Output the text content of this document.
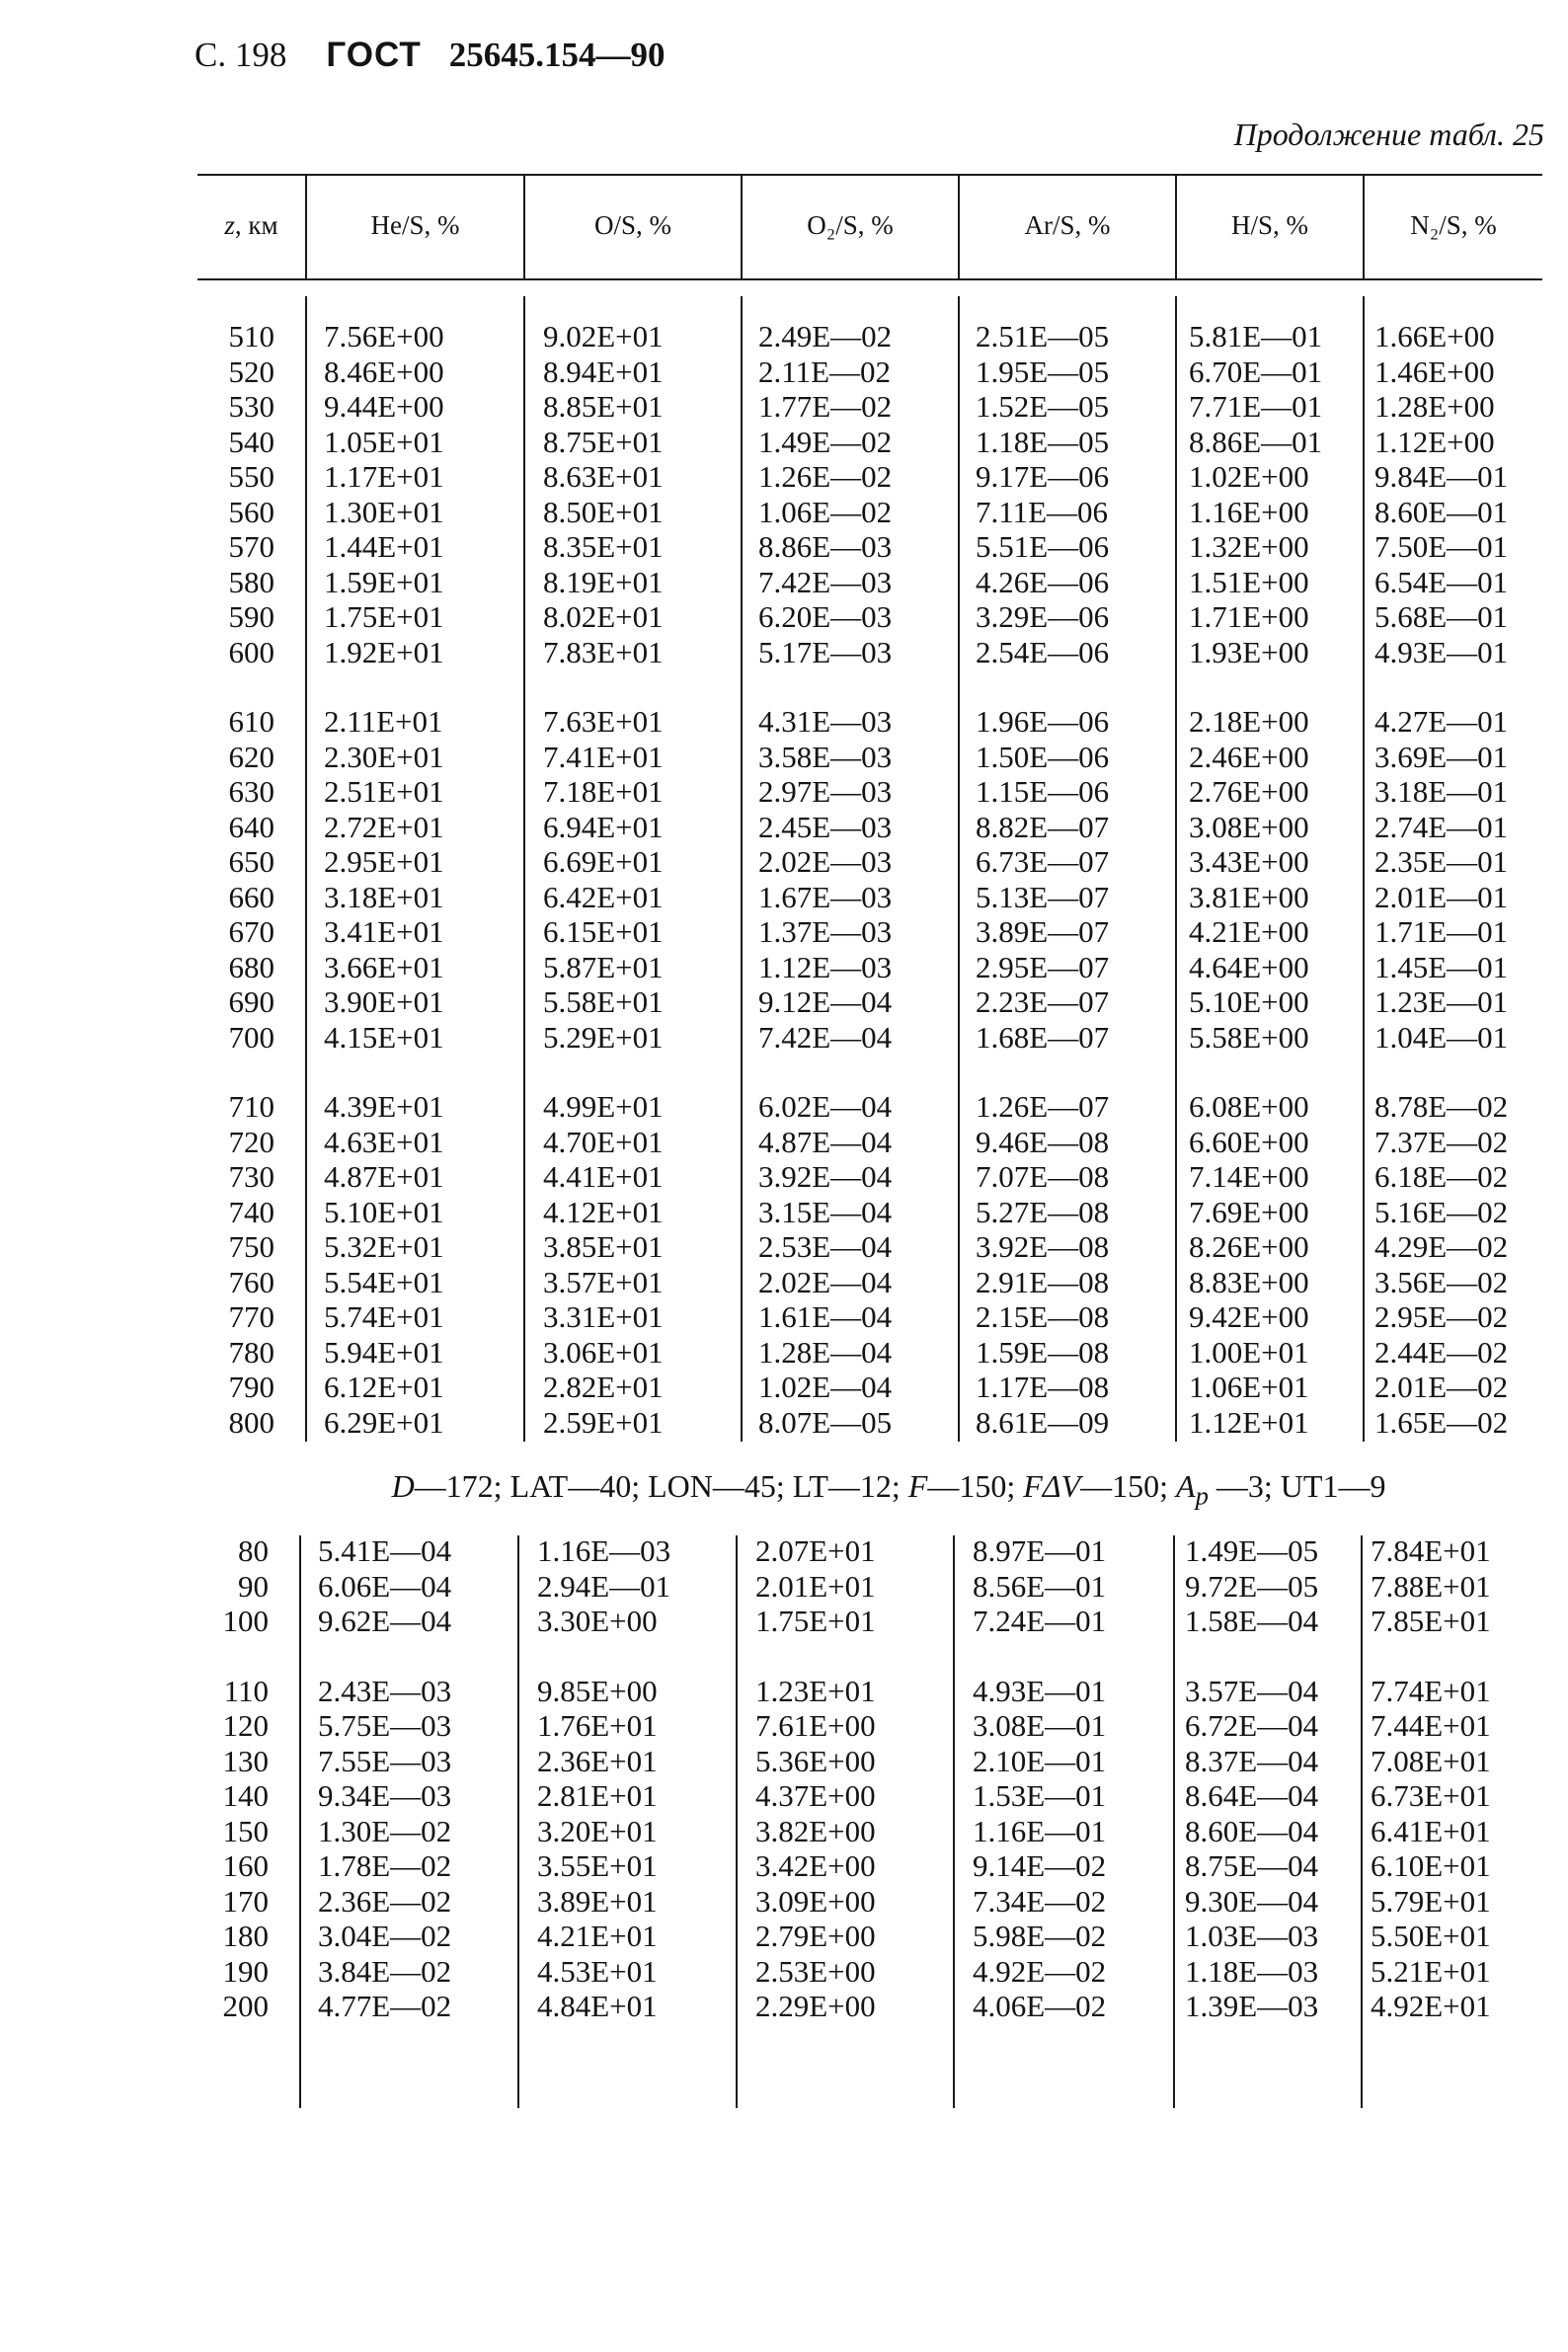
С. 198 ГОСТ 25645.154—90
Продолжение табл. 25
z , км	He/S, %	O/S, %	O₂/S, %	Ar/S, %	H/S, %	N₂/S, %
510 7.56E+00	9.02E+01	2.49E—02	2.51E—05	5.81E—01 1.66E+00
520 8.46E+00	8.94E+01	2.11E—02	1.95E—05	6.70E—01 1.46E+00
530 9.44E+00	8.85E+01	1.77E—02	1.52E—05	7.71E—01 1.28E+00
540 1.05E+01	8.75E+01	1.49E—02	1.18E—05	8.86E—01 1.12E+00
550 1.17E+01	8.63E+01	1.26E—02	9.17E—06	1.02E+00 9.84E—01
560 1.30E+01	8.50E+01	1.06E—02	7.11E—06	1.16E+00 8.60E—01
570 1.44E+01	8.35E+01	8.86E—03	5.51E—06	1.32E+00 7.50E—01
580 1.59E+01	8.19E+01	7.42E—03	4.26E—06	1.51E+00 6.54E—01
590 1.75E+01	8.02E+01	6.20E—03	3.29E—06	1.71E+00 5.68E—01
600 1.92E+01	7.83E+01	5.17E—03	2.54E—06	1.93E+00 4.93E—01
610 2.11E+01	7.63E+01	4.31E—03	1.96E—06	2.18E+00 4.27E—01
620 2.30E+01	7.41E+01	3.58E—03	1.50E—06	2.46E+00 3.69E—01
630 2.51E+01	7.18E+01	2.97E—03	1.15E—06	2.76E+00 3.18E—01
640 2.72E+01	6.94E+01	2.45E—03	8.82E—07	3.08E+00 2.74E—01
650 2.95E+01	6.69E+01	2.02E—03	6.73E—07	3.43E+00 2.35E—01
660 3.18E+01	6.42E+01	1.67E—03	5.13E—07	3.81E+00 2.01E—01
670 3.41E+01	6.15E+01	1.37E—03	3.89E—07	4.21E+00 1.71E—01
680 3.66E+01	5.87E+01	1.12E—03	2.95E—07	4.64E+00 1.45E—01
690 3.90E+01	5.58E+01	9.12E—04	2.23E—07	5.10E+00 1.23E—01
700 4.15E+01	5.29E+01	7.42E—04	1.68E—07	5.58E+00 1.04E—01
710 4.39E+01	4.99E+01	6.02E—04	1.26E—07	6.08E+00 8.78E—02
720 4.63E+01	4.70E+01	4.87E—04	9.46E—08	6.60E+00 7.37E—02
730 4.87E+01	4.41E+01	3.92E—04	7.07E—08	7.14E+00 6.18E—02
740 5.10E+01	4.12E+01	3.15E—04	5.27E—08	7.69E+00 5.16E—02
750 5.32E+01	3.85E+01	2.53E—04	3.92E—08	8.26E+00 4.29E—02
760 5.54E+01	3.57E+01	2.02E—04	2.91E—08	8.83E+00 3.56E—02
770 5.74E+01	3.31E+01	1.61E—04	2.15E—08	9.42E+00 2.95E—02
780 5.94E+01	3.06E+01	1.28E—04	1.59E—08	1.00E+01 2.44E—02
790 6.12E+01	2.82E+01	1.02E—04	1.17E—08	1.06E+01 2.01E—02
800 6.29E+01	2.59E+01	8.07E—05	8.61E—09	1.12E+01 1.65E—02
D—172; LAT—40; LON—45; LT—12; F—150; FΔV—150; $A_p$ —3; UT1—9
80 5.41E—04	1.16E—03	2.07E+01	8.97E—01	1.49E—05 7.84E+01
90 6.06E—04	2.94E—01	2.01E+01	8.56E—01	9.72E—05 7.88E+01
100 9.62E—04	3.30E+00	1.75E+01	7.24E—01	1.58E—04 7.85E+01
110 2.43E—03	9.85E+00	1.23E+01	4.93E—01	3.57E—04 7.74E+01
120 5.75E—03	1.76E+01	7.61E+00	3.08E—01	6.72E—04 7.44E+01
130 7.55E—03	2.36E+01	5.36E+00	2.10E—01	8.37E—04 7.08E+01
140 9.34E—03	2.81E+01	4.37E+00	1.53E—01	8.64E—04 6.73E+01
150 1.30E—02	3.20E+01	3.82E+00	1.16E—01	8.60E—04 6.41E+01
160 1.78E—02	3.55E+01	3.42E+00	9.14E—02	8.75E—04 6.10E+01
170 2.36E—02	3.89E+01	3.09E+00	7.34E—02	9.30E—04 5.79E+01
180 3.04E—02	4.21E+01	2.79E+00	5.98E—02	1.03E—03 5.50E+01
190 3.84E—02	4.53E+01	2.53E+00	4.92E—02	1.18E—03 5.21E+01
200 4.77E—02	4.84E+01	2.29E+00	4.06E—02	1.39E—03 4.92E+01
